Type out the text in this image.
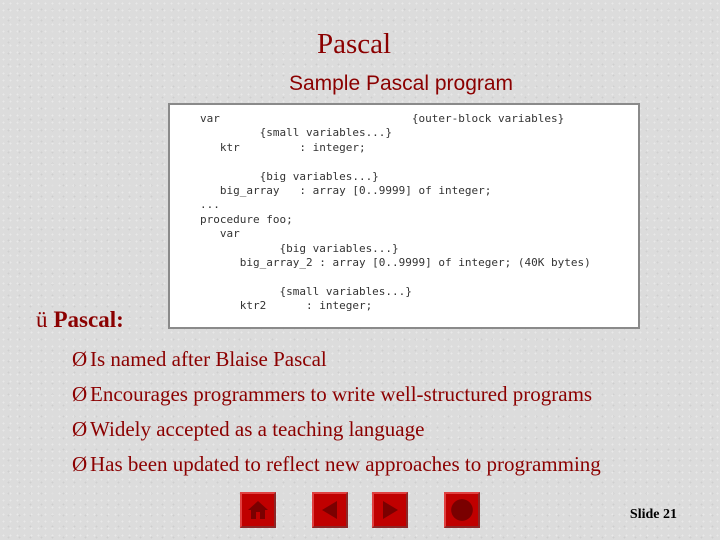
Pascal
Sample Pascal program
var                             {outer-block variables}
{small variables...}
ktr         : integer;
{big variables...}
big_array   : array [0..9999] of integer;
...
procedure foo;
var
{big variables...}
big_array_2 : array [0..9999] of integer; (40K bytes)
{small variables...}
ktr2      : integer;
ü Pascal:
Ø Is named after Blaise Pascal
Ø Encourages programmers to write well-structured programs
Ø Widely accepted as a teaching language
Ø Has been updated to reflect new approaches to programming
Slide 21
